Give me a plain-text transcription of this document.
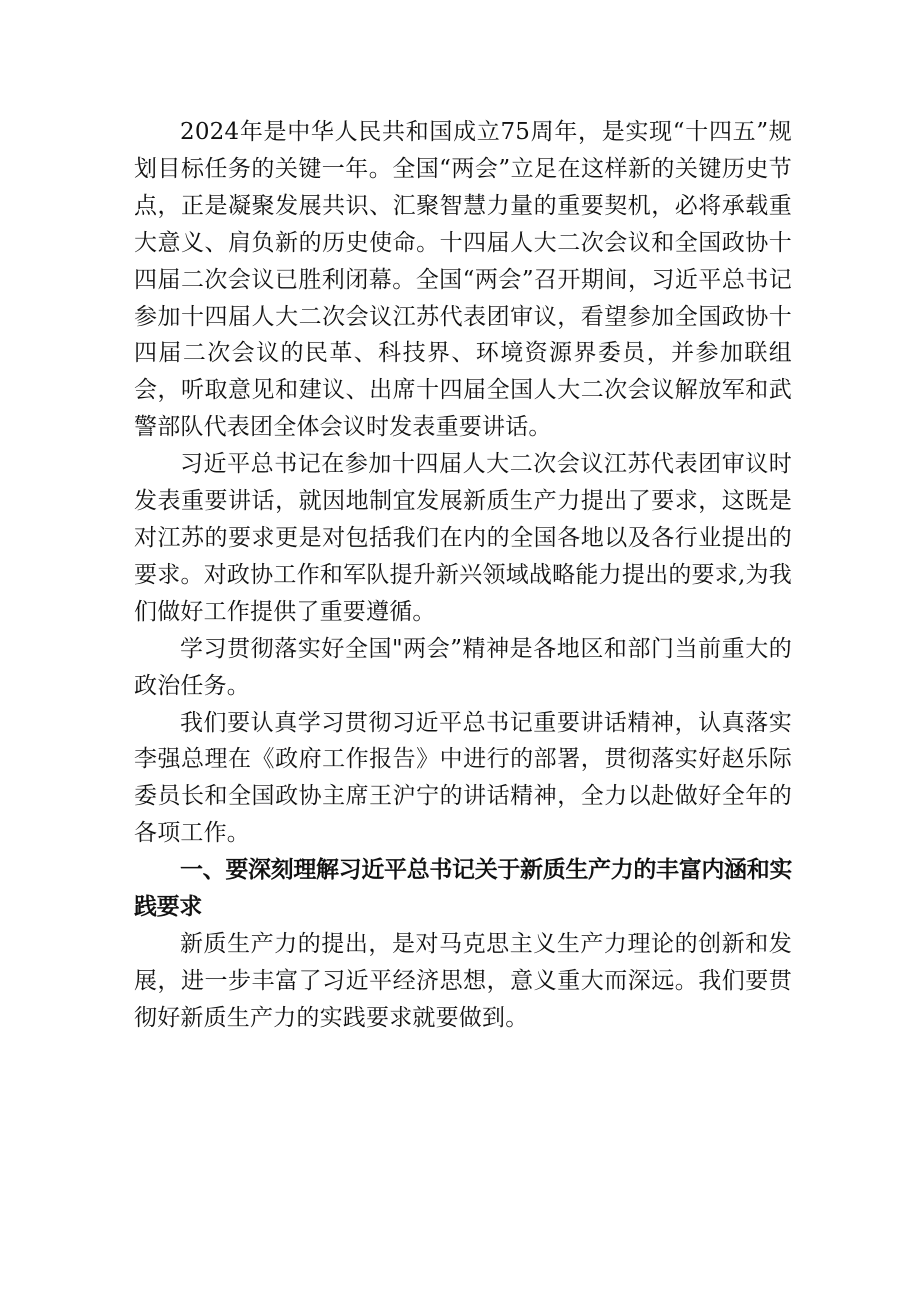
2024年是中华人民共和国成立75周年，是实现“十四五”规划目标任务的关键一年。全国“两会”立足在这样新的关键历史节点，正是凝聚发展共识、汇聚智慧力量的重要契机，必将承载重大意义、肩负新的历史使命。十四届人大二次会议和全国政协十四届二次会议已胜利闭幕。全国“两会”召开期间，习近平总书记参加十四届人大二次会议江苏代表团审议，看望参加全国政协十四届二次会议的民革、科技界、环境资源界委员，并参加联组会，听取意见和建议、出席十四届全国人大二次会议解放军和武警部队代表团全体会议时发表重要讲话。

习近平总书记在参加十四届人大二次会议江苏代表团审议时发表重要讲话，就因地制宜发展新质生产力提出了要求，这既是对江苏的要求更是对包括我们在内的全国各地以及各行业提出的要求。对政协工作和军队提升新兴领域战略能力提出的要求,为我们做好工作提供了重要遵循。

学习贯彻落实好全国"两会”精神是各地区和部门当前重大的政治任务。

我们要认真学习贯彻习近平总书记重要讲话精神，认真落实李强总理在《政府工作报告》中进行的部署，贯彻落实好赵乐际委员长和全国政协主席王沪宁的讲话精神，全力以赴做好全年的各项工作。

一、要深刻理解习近平总书记关于新质生产力的丰富内涵和实践要求

新质生产力的提出，是对马克思主义生产力理论的创新和发展，进一步丰富了习近平经济思想，意义重大而深远。我们要贯彻好新质生产力的实践要求就要做到。
